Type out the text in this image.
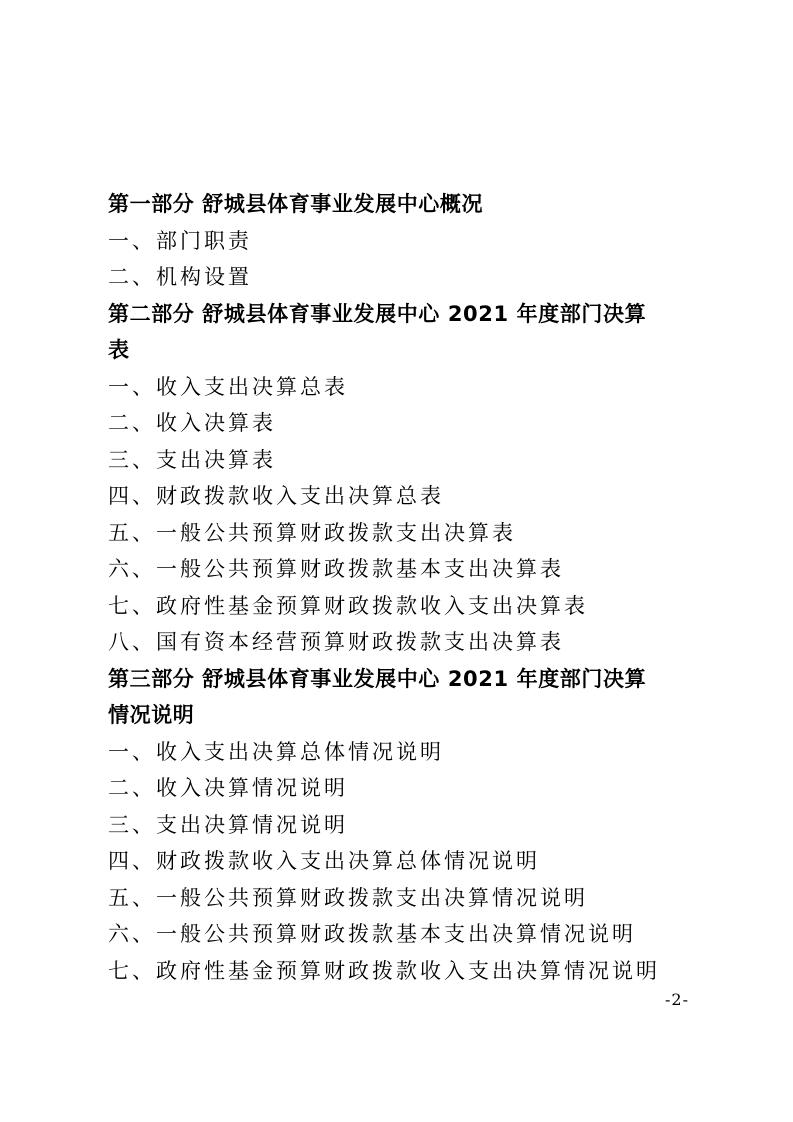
第一部分 舒城县体育事业发展中心概况
一、部门职责
二、机构设置
第二部分 舒城县体育事业发展中心 2021 年度部门决算
表
一、收入支出决算总表
二、收入决算表
三、支出决算表
四、财政拨款收入支出决算总表
五、一般公共预算财政拨款支出决算表
六、一般公共预算财政拨款基本支出决算表
七、政府性基金预算财政拨款收入支出决算表
八、国有资本经营预算财政拨款支出决算表
第三部分 舒城县体育事业发展中心 2021 年度部门决算
情况说明
一、收入支出决算总体情况说明
二、收入决算情况说明
三、支出决算情况说明
四、财政拨款收入支出决算总体情况说明
五、一般公共预算财政拨款支出决算情况说明
六、一般公共预算财政拨款基本支出决算情况说明
七、政府性基金预算财政拨款收入支出决算情况说明
-2-
